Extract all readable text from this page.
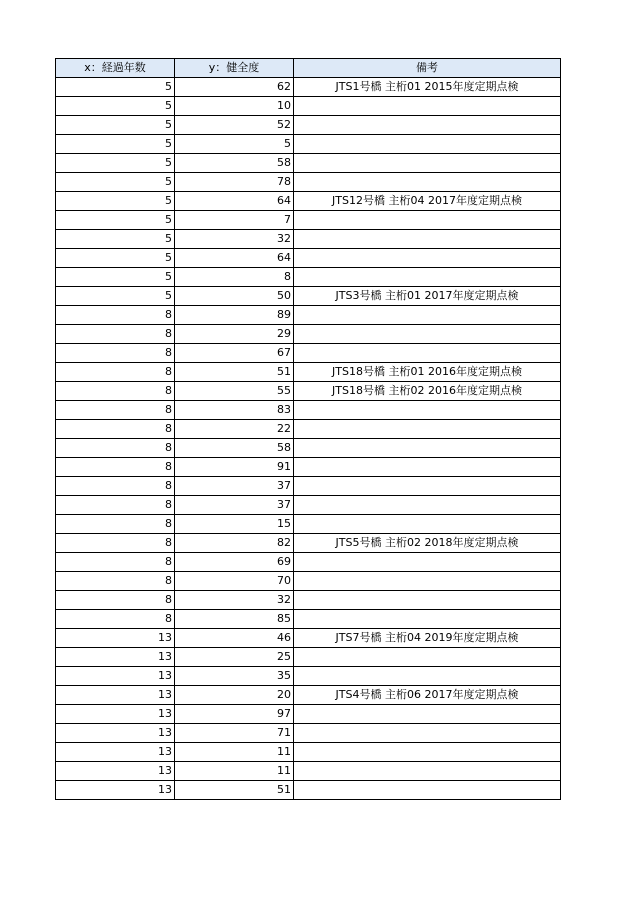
x：経過年数	y：健全度	備考
5	62	JTS1号橋 主桁01 2015年度定期点検
5	10	
5	52	
5	5	
5	58	
5	78	
5	64	JTS12号橋 主桁04 2017年度定期点検
5	7	
5	32	
5	64	
5	8	
5	50	JTS3号橋 主桁01 2017年度定期点検
8	89	
8	29	
8	67	
8	51	JTS18号橋 主桁01 2016年度定期点検
8	55	JTS18号橋 主桁02 2016年度定期点検
8	83	
8	22	
8	58	
8	91	
8	37	
8	37	
8	15	
8	82	JTS5号橋 主桁02 2018年度定期点検
8	69	
8	70	
8	32	
8	85	
13	46	JTS7号橋 主桁04 2019年度定期点検
13	25	
13	35	
13	20	JTS4号橋 主桁06 2017年度定期点検
13	97	
13	71	
13	11	
13	11	
13	51	
